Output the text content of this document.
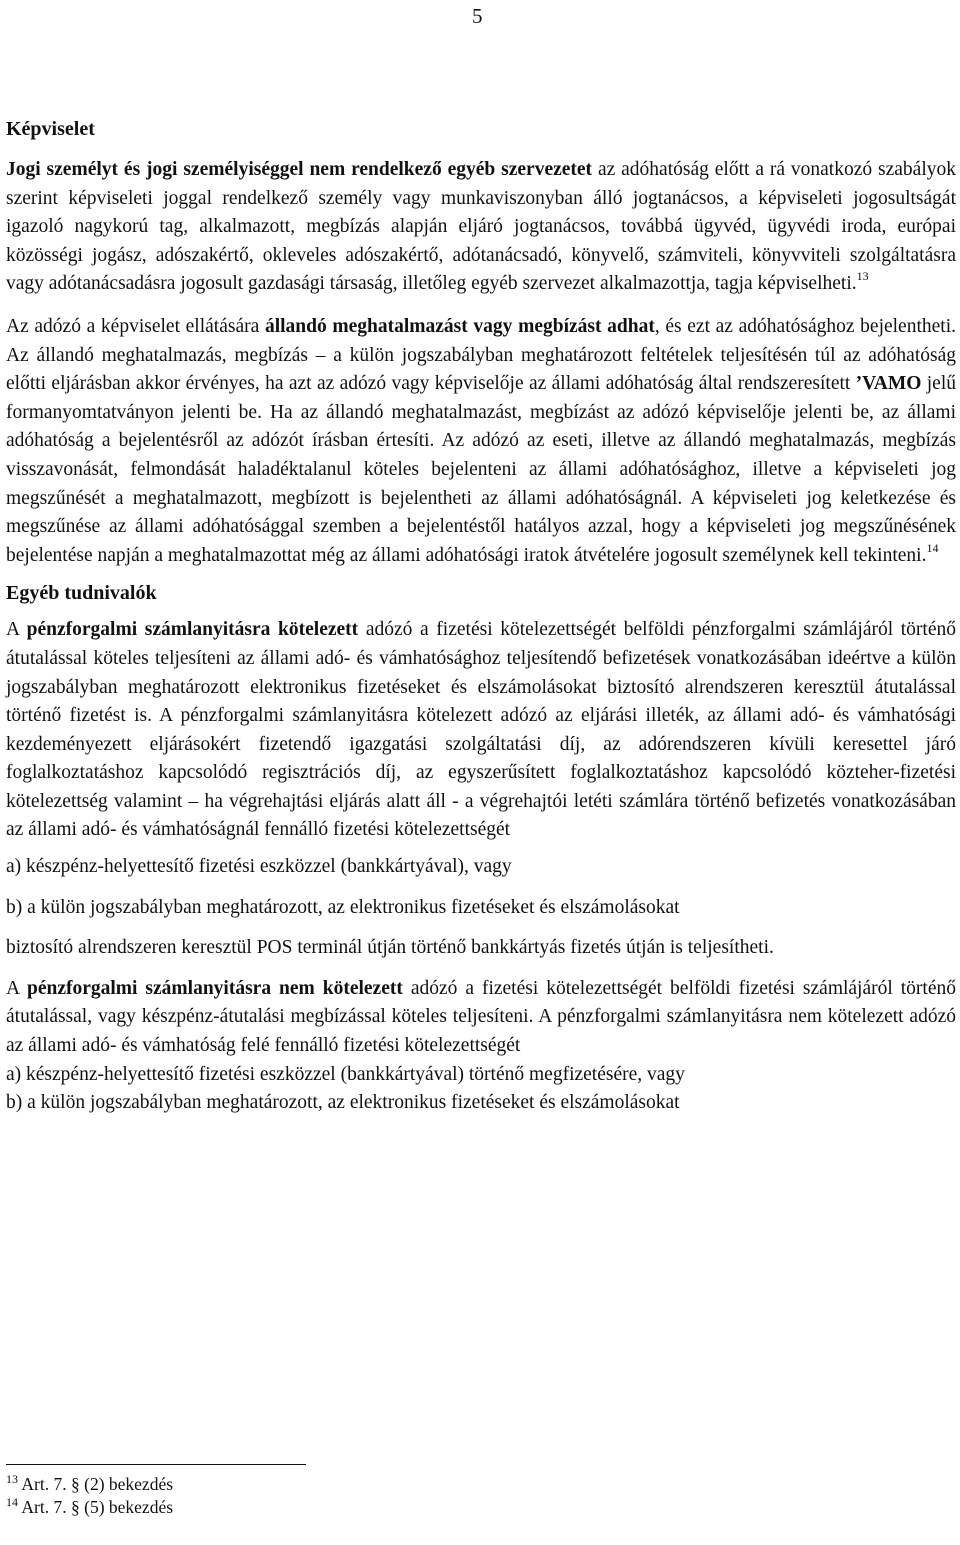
5
Képviselet

Jogi személyt és jogi személyiséggel nem rendelkező egyéb szervezetet az adóhatóság előtt a rá vonatkozó szabályok szerint képviseleti joggal rendelkező személy vagy munkaviszonyban álló jogtanácsos, a képviseleti jogosultságát igazoló nagykorú tag, alkalmazott, megbízás alapján eljáró jogtanácsos, továbbá ügyvéd, ügyvédi iroda, európai közösségi jogász, adószakértő, okleveles adószakértő, adótanácsadó, könyvelő, számviteli, könyvviteli szolgáltatásra vagy adótanácsadásra jogosult gazdasági társaság, illetőleg egyéb szervezet alkalmazottja, tagja képviselheti.$^{13}$

Az adózó a képviselet ellátására állandó meghatalmazást vagy megbízást adhat, és ezt az adóhatósághoz bejelentheti. Az állandó meghatalmazás, megbízás – a külön jogszabályban meghatározott feltételek teljesítésén túl az adóhatóság előtti eljárásban akkor érvényes, ha azt az adózó vagy képviselője az állami adóhatóság által rendszeresített ’VAMO jelű formanyomtatványon jelenti be. Ha az állandó meghatalmazást, megbízást az adózó képviselője jelenti be, az állami adóhatóság a bejelentésről az adózót írásban értesíti. Az adózó az eseti, illetve az állandó meghatalmazás, megbízás visszavonását, felmondását haladéktalanul köteles bejelenteni az állami adóhatósághoz, illetve a képviseleti jog megszűnését a meghatalmazott, megbízott is bejelentheti az állami adóhatóságnál. A képviseleti jog keletkezése és megszűnése az állami adóhatósággal szemben a bejelentéstől hatályos azzal, hogy a képviseleti jog megszűnésének bejelentése napján a meghatalmazottat még az állami adóhatósági iratok átvételére jogosult személynek kell tekinteni.$^{14}$

Egyéb tudnivalók

A pénzforgalmi számlanyitásra kötelezett adózó a fizetési kötelezettségét belföldi pénzforgalmi számlájáról történő átutalással köteles teljesíteni az állami adó- és vámhatósághoz teljesítendő befizetések vonatkozásában ideértve a külön jogszabályban meghatározott elektronikus fizetéseket és elszámolásokat biztosító alrendszeren keresztül átutalással történő fizetést is. A pénzforgalmi számlanyitásra kötelezett adózó az eljárási illeték, az állami adó- és vámhatósági kezdeményezett eljárásokért fizetendő igazgatási szolgáltatási díj, az adórendszeren kívüli keresettel járó foglalkoztatáshoz kapcsolódó regisztrációs díj, az egyszerűsített foglalkoztatáshoz kapcsolódó közteher-fizetési kötelezettség valamint – ha végrehajtási eljárás alatt áll - a végrehajtói letéti számlára történő befizetés vonatkozásában az állami adó- és vámhatóságnál fennálló fizetési kötelezettségét

a) készpénz-helyettesítő fizetési eszközzel (bankkártyával), vagy

b) a külön jogszabályban meghatározott, az elektronikus fizetéseket és elszámolásokat

biztosító alrendszeren keresztül POS terminál útján történő bankkártyás fizetés útján is teljesítheti.

A pénzforgalmi számlanyitásra nem kötelezett adózó a fizetési kötelezettségét belföldi fizetési számlájáról történő átutalással, vagy készpénz-átutalási megbízással köteles teljesíteni. A pénzforgalmi számlanyitásra nem kötelezett adózó az állami adó- és vámhatóság felé fennálló fizetési kötelezettségét

a) készpénz-helyettesítő fizetési eszközzel (bankkártyával) történő megfizetésére, vagy

b) a külön jogszabályban meghatározott, az elektronikus fizetéseket és elszámolásokat

$^{13}$ Art. 7. § (2) bekezdés
$^{14}$ Art. 7. § (5) bekezdés
